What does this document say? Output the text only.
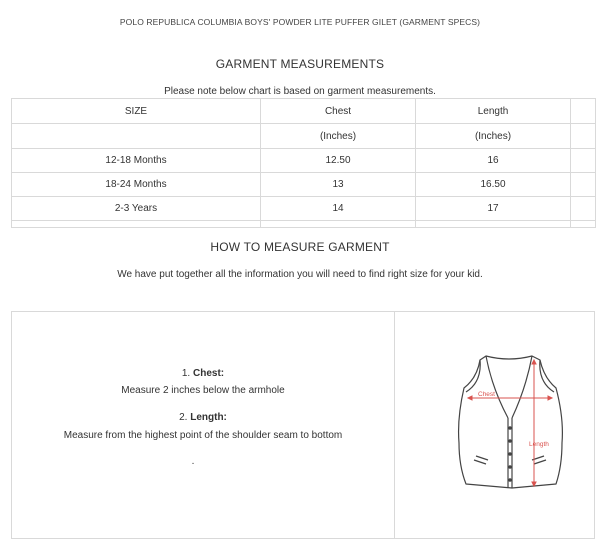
POLO REPUBLICA COLUMBIA BOYS' POWDER LITE PUFFER GILET (GARMENT SPECS)
GARMENT MEASUREMENTS
Please note below chart is based on garment measurements.
SIZE	Chest	Length	
	(Inches)	(Inches)	
12-18 Months	12.50	16	
18-24 Months	13	16.50	
2-3 Years	14	17	

HOW TO MEASURE GARMENT
We have put together all the information you will need to find right size for your kid.
1. Chest:
Measure 2 inches below the armhole
2. Length:
Measure from the highest point of the shoulder seam to bottom
.
Chest
Length
